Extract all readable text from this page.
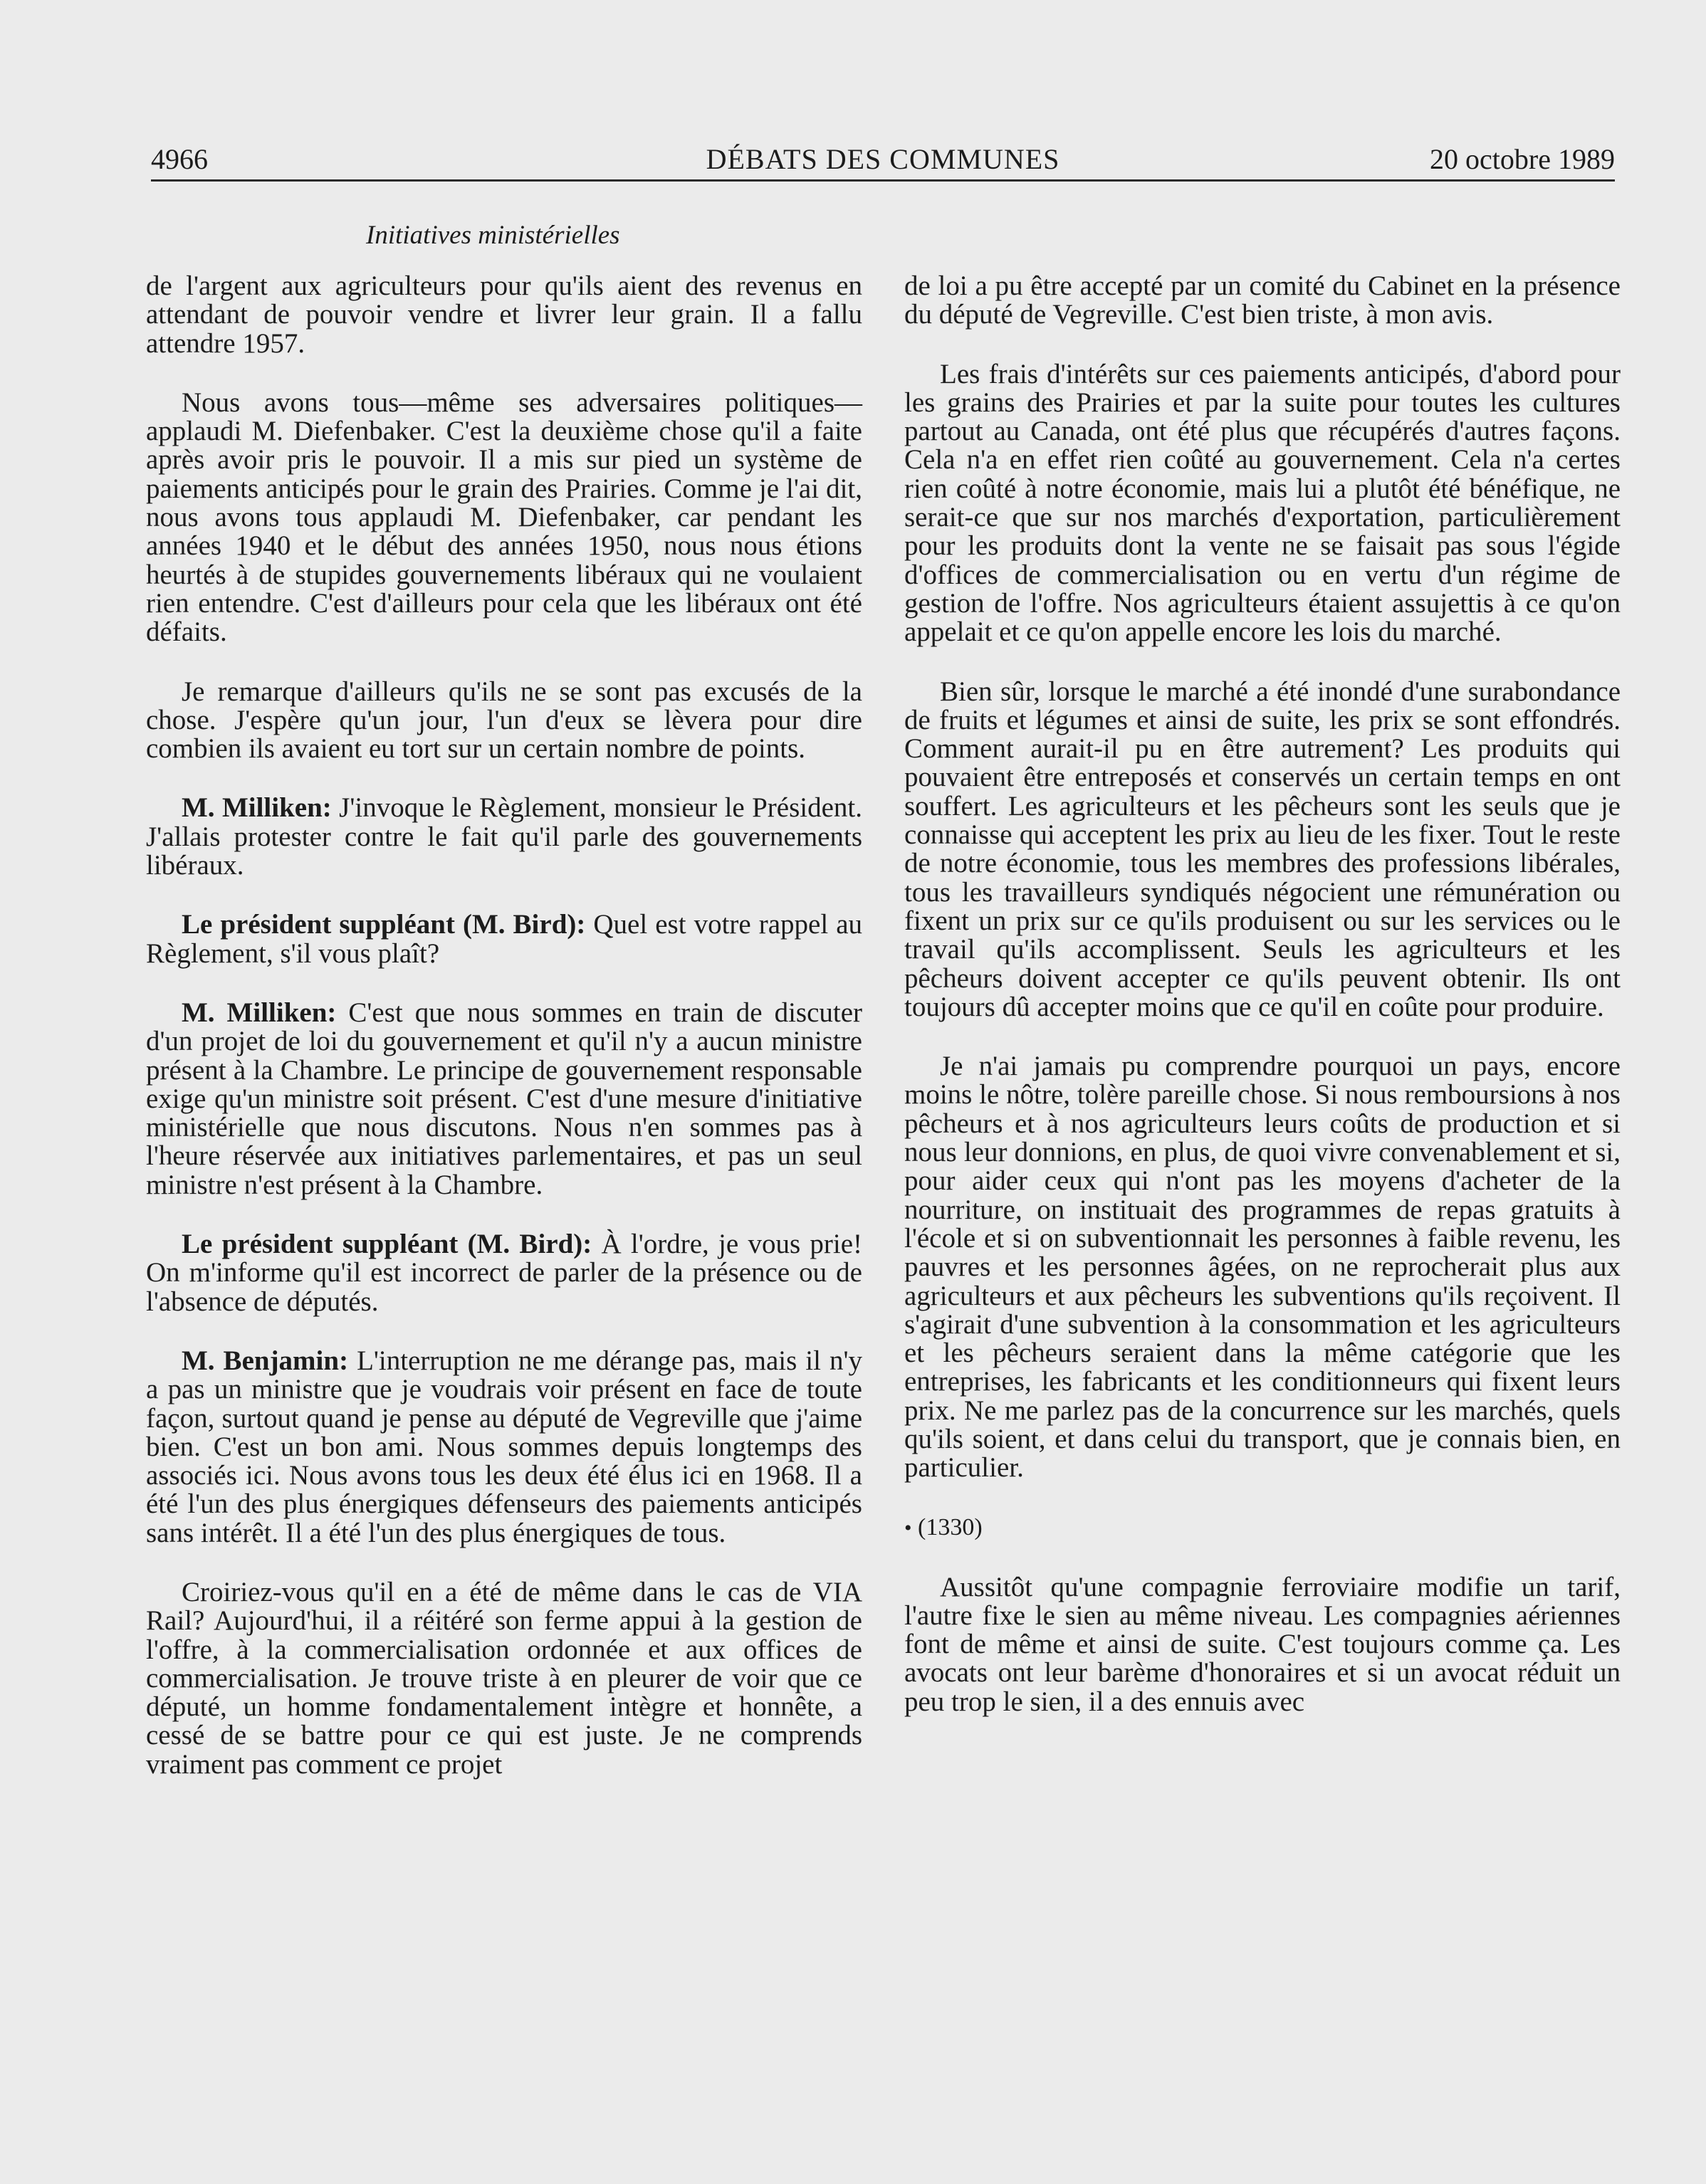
DÉBATS DES COMMUNES
4966	20 octobre 1989
Initiatives ministérielles

de l'argent aux agriculteurs pour qu'ils aient des revenus en attendant de pouvoir vendre et livrer leur grain. Il a fallu attendre 1957.

Nous avons tous—même ses adversaires politiques—applaudi M. Diefenbaker. C'est la deuxième chose qu'il a faite après avoir pris le pouvoir. Il a mis sur pied un système de paiements anticipés pour le grain des Prairies. Comme je l'ai dit, nous avons tous applaudi M. Diefenbaker, car pendant les années 1940 et le début des années 1950, nous nous étions heurtés à de stupides gouvernements libéraux qui ne voulaient rien entendre. C'est d'ailleurs pour cela que les libéraux ont été défaits.

Je remarque d'ailleurs qu'ils ne se sont pas excusés de la chose. J'espère qu'un jour, l'un d'eux se lèvera pour dire combien ils avaient eu tort sur un certain nombre de points.

M. Milliken: J'invoque le Règlement, monsieur le Président. J'allais protester contre le fait qu'il parle des gouvernements libéraux.

Le président suppléant (M. Bird): Quel est votre rappel au Règlement, s'il vous plaît?

M. Milliken: C'est que nous sommes en train de discuter d'un projet de loi du gouvernement et qu'il n'y a aucun ministre présent à la Chambre. Le principe de gouvernement responsable exige qu'un ministre soit présent. C'est d'une mesure d'initiative ministérielle que nous discutons. Nous n'en sommes pas à l'heure réservée aux initiatives parlementaires, et pas un seul ministre n'est présent à la Chambre.

Le président suppléant (M. Bird): À l'ordre, je vous prie! On m'informe qu'il est incorrect de parler de la présence ou de l'absence de députés.

M. Benjamin: L'interruption ne me dérange pas, mais il n'y a pas un ministre que je voudrais voir présent en face de toute façon, surtout quand je pense au député de Vegreville que j'aime bien. C'est un bon ami. Nous sommes depuis longtemps des associés ici. Nous avons tous les deux été élus ici en 1968. Il a été l'un des plus énergiques défenseurs des paiements anticipés sans intérêt. Il a été l'un des plus énergiques de tous.

Croiriez-vous qu'il en a été de même dans le cas de VIA Rail? Aujourd'hui, il a réitéré son ferme appui à la gestion de l'offre, à la commercialisation ordonnée et aux offices de commercialisation. Je trouve triste à en pleurer de voir que ce député, un homme fondamentalement intègre et honnête, a cessé de se battre pour ce qui est juste. Je ne comprends vraiment pas comment ce projet

de loi a pu être accepté par un comité du Cabinet en la présence du député de Vegreville. C'est bien triste, à mon avis.

Les frais d'intérêts sur ces paiements anticipés, d'abord pour les grains des Prairies et par la suite pour toutes les cultures partout au Canada, ont été plus que récupérés d'autres façons. Cela n'a en effet rien coûté au gouvernement. Cela n'a certes rien coûté à notre économie, mais lui a plutôt été bénéfique, ne serait-ce que sur nos marchés d'exportation, particulièrement pour les produits dont la vente ne se faisait pas sous l'égide d'offices de commercialisation ou en vertu d'un régime de gestion de l'offre. Nos agriculteurs étaient assujettis à ce qu'on appelait et ce qu'on appelle encore les lois du marché.

Bien sûr, lorsque le marché a été inondé d'une surabondance de fruits et légumes et ainsi de suite, les prix se sont effondrés. Comment aurait-il pu en être autrement? Les produits qui pouvaient être entreposés et conservés un certain temps en ont souffert. Les agriculteurs et les pêcheurs sont les seuls que je connaisse qui acceptent les prix au lieu de les fixer. Tout le reste de notre économie, tous les membres des professions libérales, tous les travailleurs syndiqués négocient une rémunération ou fixent un prix sur ce qu'ils produisent ou sur les services ou le travail qu'ils accomplissent. Seuls les agriculteurs et les pêcheurs doivent accepter ce qu'ils peuvent obtenir. Ils ont toujours dû accepter moins que ce qu'il en coûte pour produire.

Je n'ai jamais pu comprendre pourquoi un pays, encore moins le nôtre, tolère pareille chose. Si nous remboursions à nos pêcheurs et à nos agriculteurs leurs coûts de production et si nous leur donnions, en plus, de quoi vivre convenablement et si, pour aider ceux qui n'ont pas les moyens d'acheter de la nourriture, on instituait des programmes de repas gratuits à l'école et si on subventionnait les personnes à faible revenu, les pauvres et les personnes âgées, on ne reprocherait plus aux agriculteurs et aux pêcheurs les subventions qu'ils reçoivent. Il s'agirait d'une subvention à la consommation et les agriculteurs et les pêcheurs seraient dans la même catégorie que les entreprises, les fabricants et les conditionneurs qui fixent leurs prix. Ne me parlez pas de la concurrence sur les marchés, quels qu'ils soient, et dans celui du transport, que je connais bien, en particulier.

• (1330)

Aussitôt qu'une compagnie ferroviaire modifie un tarif, l'autre fixe le sien au même niveau. Les compagnies aériennes font de même et ainsi de suite. C'est toujours comme ça. Les avocats ont leur barème d'honoraires et si un avocat réduit un peu trop le sien, il a des ennuis avec
